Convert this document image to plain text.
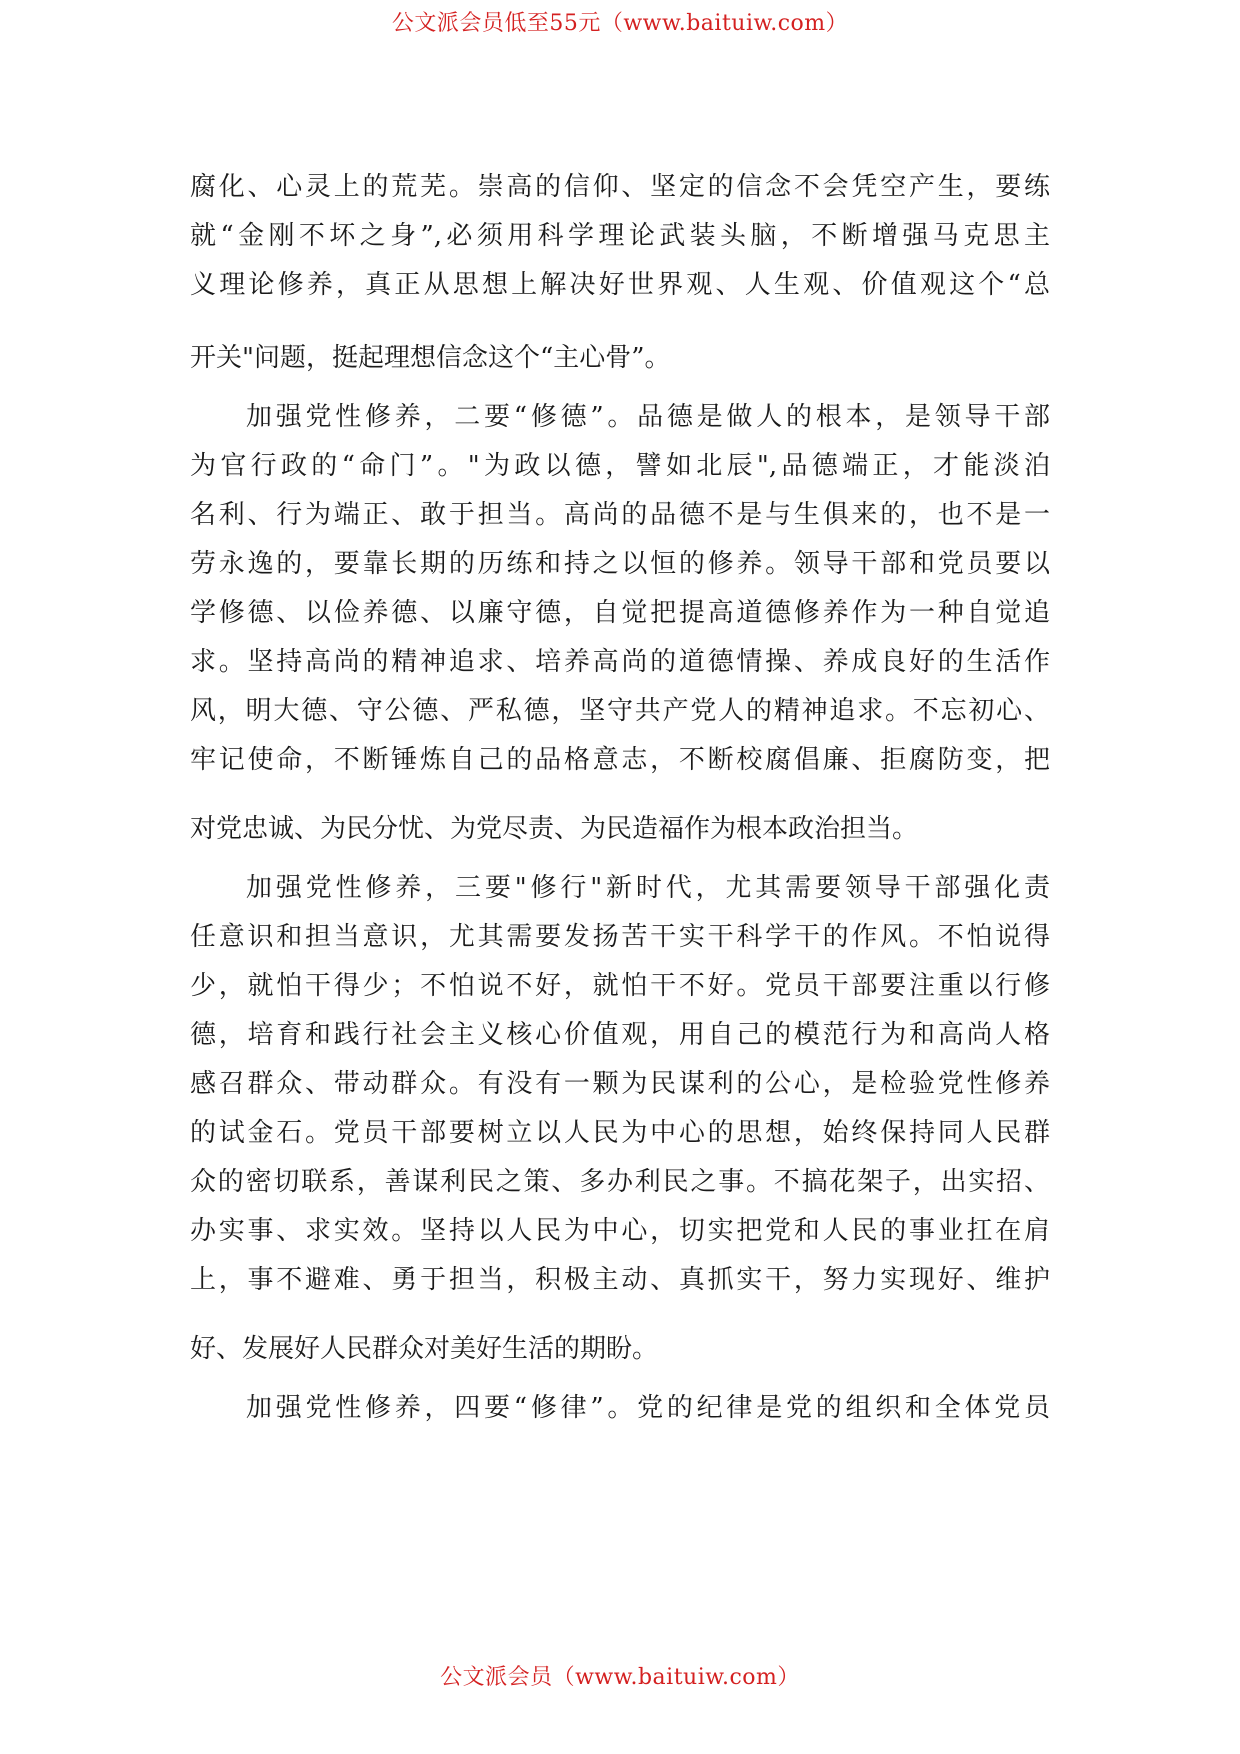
公文派会员低至55元（www.baituiw.com）
腐化、心灵上的荒芜。崇高的信仰、坚定的信念不会凭空产生，要练
就“金刚不坏之身”,必须用科学理论武装头脑，不断增强马克思主
义理论修养，真正从思想上解决好世界观、人生观、价值观这个“总
开关"问题，挺起理想信念这个“主心骨”。
加强党性修养，二要“修德”。品德是做人的根本，是领导干部
为官行政的“命门”。"为政以德，譬如北辰",品德端正，才能淡泊
名利、行为端正、敢于担当。高尚的品德不是与生俱来的，也不是一
劳永逸的，要靠长期的历练和持之以恒的修养。领导干部和党员要以
学修德、以俭养德、以廉守德，自觉把提高道德修养作为一种自觉追
求。坚持高尚的精神追求、培养高尚的道德情操、养成良好的生活作
风，明大德、守公德、严私德，坚守共产党人的精神追求。不忘初心、
牢记使命，不断锤炼自己的品格意志，不断校腐倡廉、拒腐防变，把
对党忠诚、为民分忧、为党尽责、为民造福作为根本政治担当。
加强党性修养，三要"修行"新时代，尤其需要领导干部强化责
任意识和担当意识，尤其需要发扬苦干实干科学干的作风。不怕说得
少，就怕干得少；不怕说不好，就怕干不好。党员干部要注重以行修
德，培育和践行社会主义核心价值观，用自己的模范行为和高尚人格
感召群众、带动群众。有没有一颗为民谋利的公心，是检验党性修养
的试金石。党员干部要树立以人民为中心的思想，始终保持同人民群
众的密切联系，善谋利民之策、多办利民之事。不搞花架子，出实招、
办实事、求实效。坚持以人民为中心，切实把党和人民的事业扛在肩
上，事不避难、勇于担当，积极主动、真抓实干，努力实现好、维护
好、发展好人民群众对美好生活的期盼。
加强党性修养，四要“修律”。党的纪律是党的组织和全体党员
公文派会员（www.baituiw.com）
